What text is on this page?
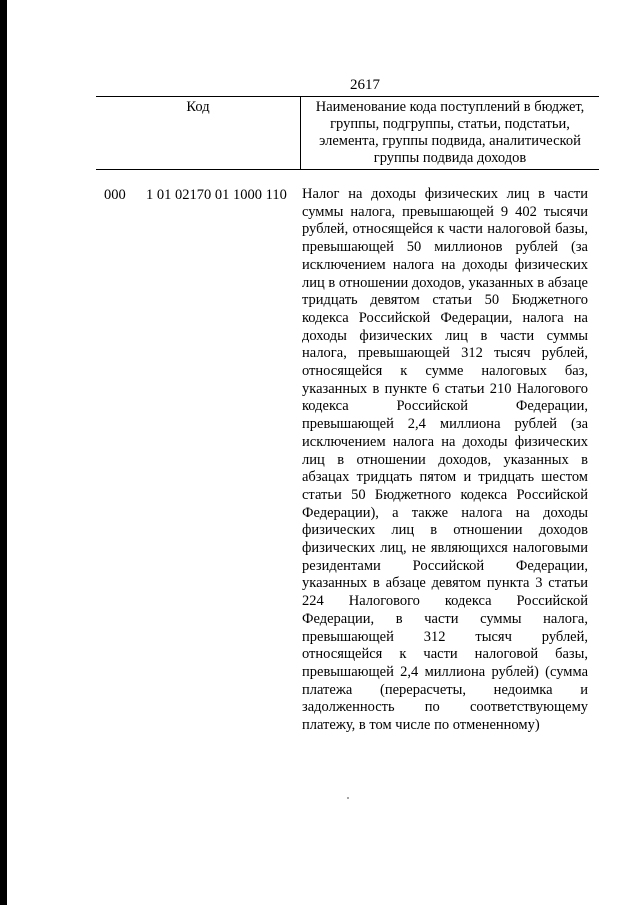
2617
Код	Наименование кода поступлений в бюджет, группы, подгруппы, статьи, подстатьи, элемента, группы подвида, аналитической группы подвида доходов
000 1 01 02170 01 1000 110 Налог на доходы физических лиц в части суммы налога, превышающей 9 402 тысячи рублей, относящейся к части налоговой базы, превышающей 50 миллионов рублей (за исключением налога на доходы физических лиц в отношении доходов, указанных в абзаце тридцать девятом статьи 50 Бюджетного кодекса Российской Федерации, налога на доходы физических лиц в части суммы налога, превышающей 312 тысяч рублей, относящейся к сумме налоговых баз, указанных в пункте 6 статьи 210 Налогового кодекса Российской Федерации, превышающей 2,4 миллиона рублей (за исключением налога на доходы физических лиц в отношении доходов, указанных в абзацах тридцать пятом и тридцать шестом статьи 50 Бюджетного кодекса Российской Федерации), а также налога на доходы физических лиц в отношении доходов физических лиц, не являющихся налоговыми резидентами Российской Федерации, указанных в абзаце девятом пункта 3 статьи 224 Налогового кодекса Российской Федерации, в части суммы налога, превышающей 312 тысяч рублей, относящейся к части налоговой базы, превышающей 2,4 миллиона рублей) (сумма платежа (перерасчеты, недоимка и задолженность по соответствующему платежу, в том числе по отмененному)
